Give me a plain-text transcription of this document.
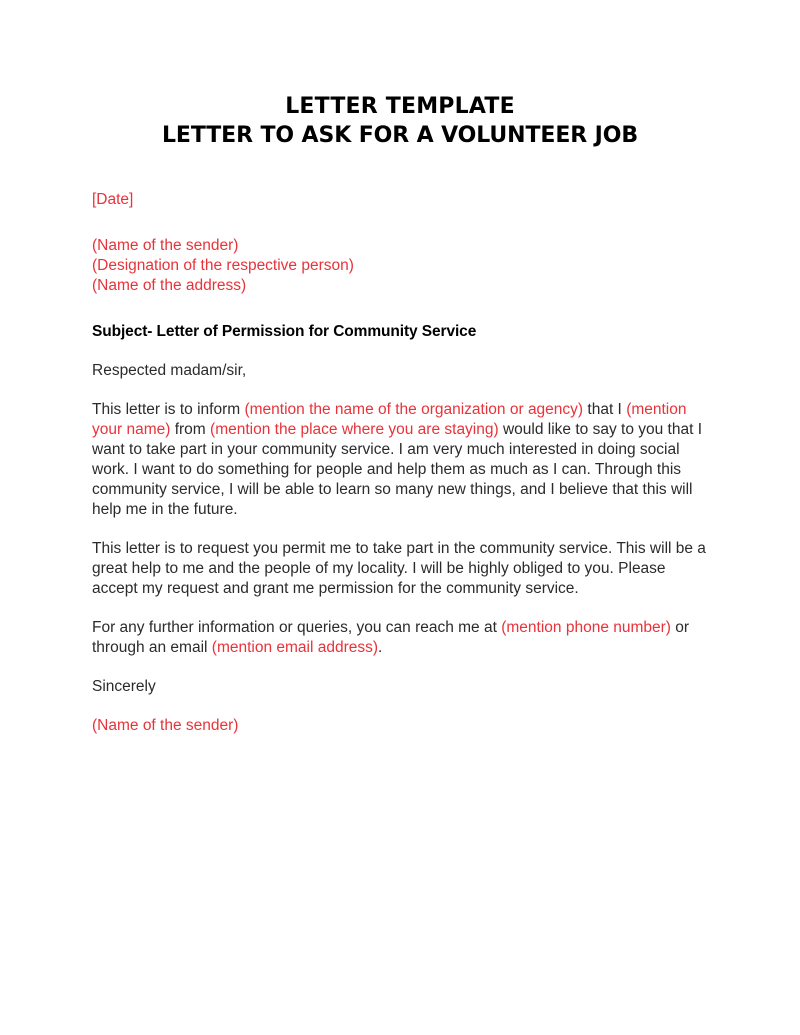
LETTER TEMPLATE
LETTER TO ASK FOR A VOLUNTEER JOB
[Date]
(Name of the sender)
(Designation of the respective person)
(Name of the address)
Subject- Letter of Permission for Community Service
Respected madam/sir,

This letter is to inform (mention the name of the organization or agency) that I (mention your name) from (mention the place where you are staying) would like to say to you that I want to take part in your community service. I am very much interested in doing social work. I want to do something for people and help them as much as I can. Through this community service, I will be able to learn so many new things, and I believe that this will help me in the future.

This letter is to request you permit me to take part in the community service. This will be a great help to me and the people of my locality. I will be highly obliged to you. Please accept my request and grant me permission for the community service.

For any further information or queries, you can reach me at (mention phone number) or through an email (mention email address).

Sincerely
(Name of the sender)
